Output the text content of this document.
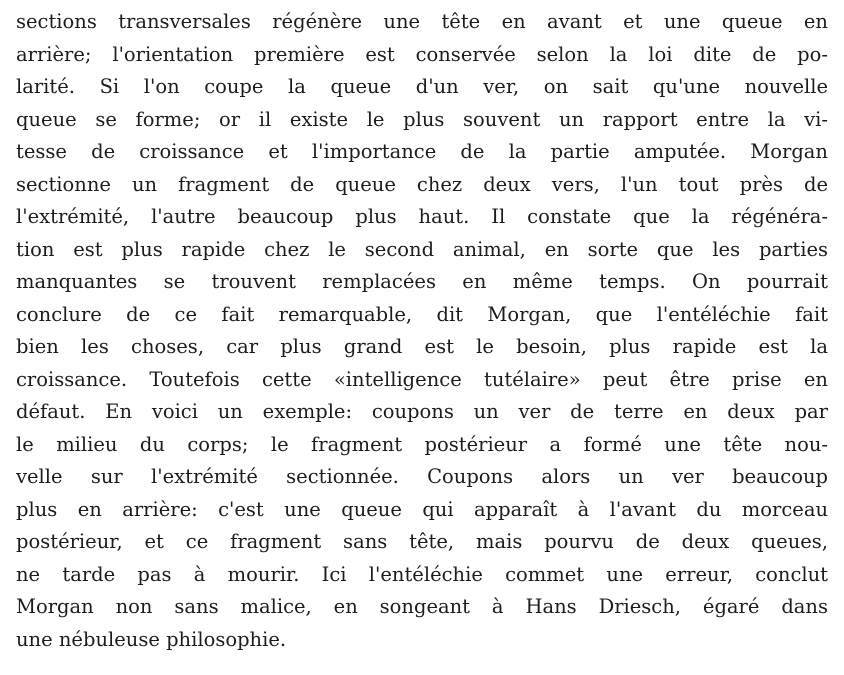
sections transversales régénère une tête en avant et une queue en
arrière; l'orientation première est conservée selon la loi dite de po-
larité. Si l'on coupe la queue d'un ver, on sait qu'une nouvelle
queue se forme; or il existe le plus souvent un rapport entre la vi-
tesse de croissance et l'importance de la partie amputée. Morgan
sectionne un fragment de queue chez deux vers, l'un tout près de
l'extrémité, l'autre beaucoup plus haut. Il constate que la régénéra-
tion est plus rapide chez le second animal, en sorte que les parties
manquantes se trouvent remplacées en même temps. On pourrait
conclure de ce fait remarquable, dit Morgan, que l'entéléchie fait
bien les choses, car plus grand est le besoin, plus rapide est la
croissance. Toutefois cette «intelligence tutélaire» peut être prise en
défaut. En voici un exemple: coupons un ver de terre en deux par
le milieu du corps; le fragment postérieur a formé une tête nou-
velle sur l'extrémité sectionnée. Coupons alors un ver beaucoup
plus en arrière: c'est une queue qui apparaît à l'avant du morceau
postérieur, et ce fragment sans tête, mais pourvu de deux queues,
ne tarde pas à mourir. Ici l'entéléchie commet une erreur, conclut
Morgan non sans malice, en songeant à Hans Driesch, égaré dans
une nébuleuse philosophie.
